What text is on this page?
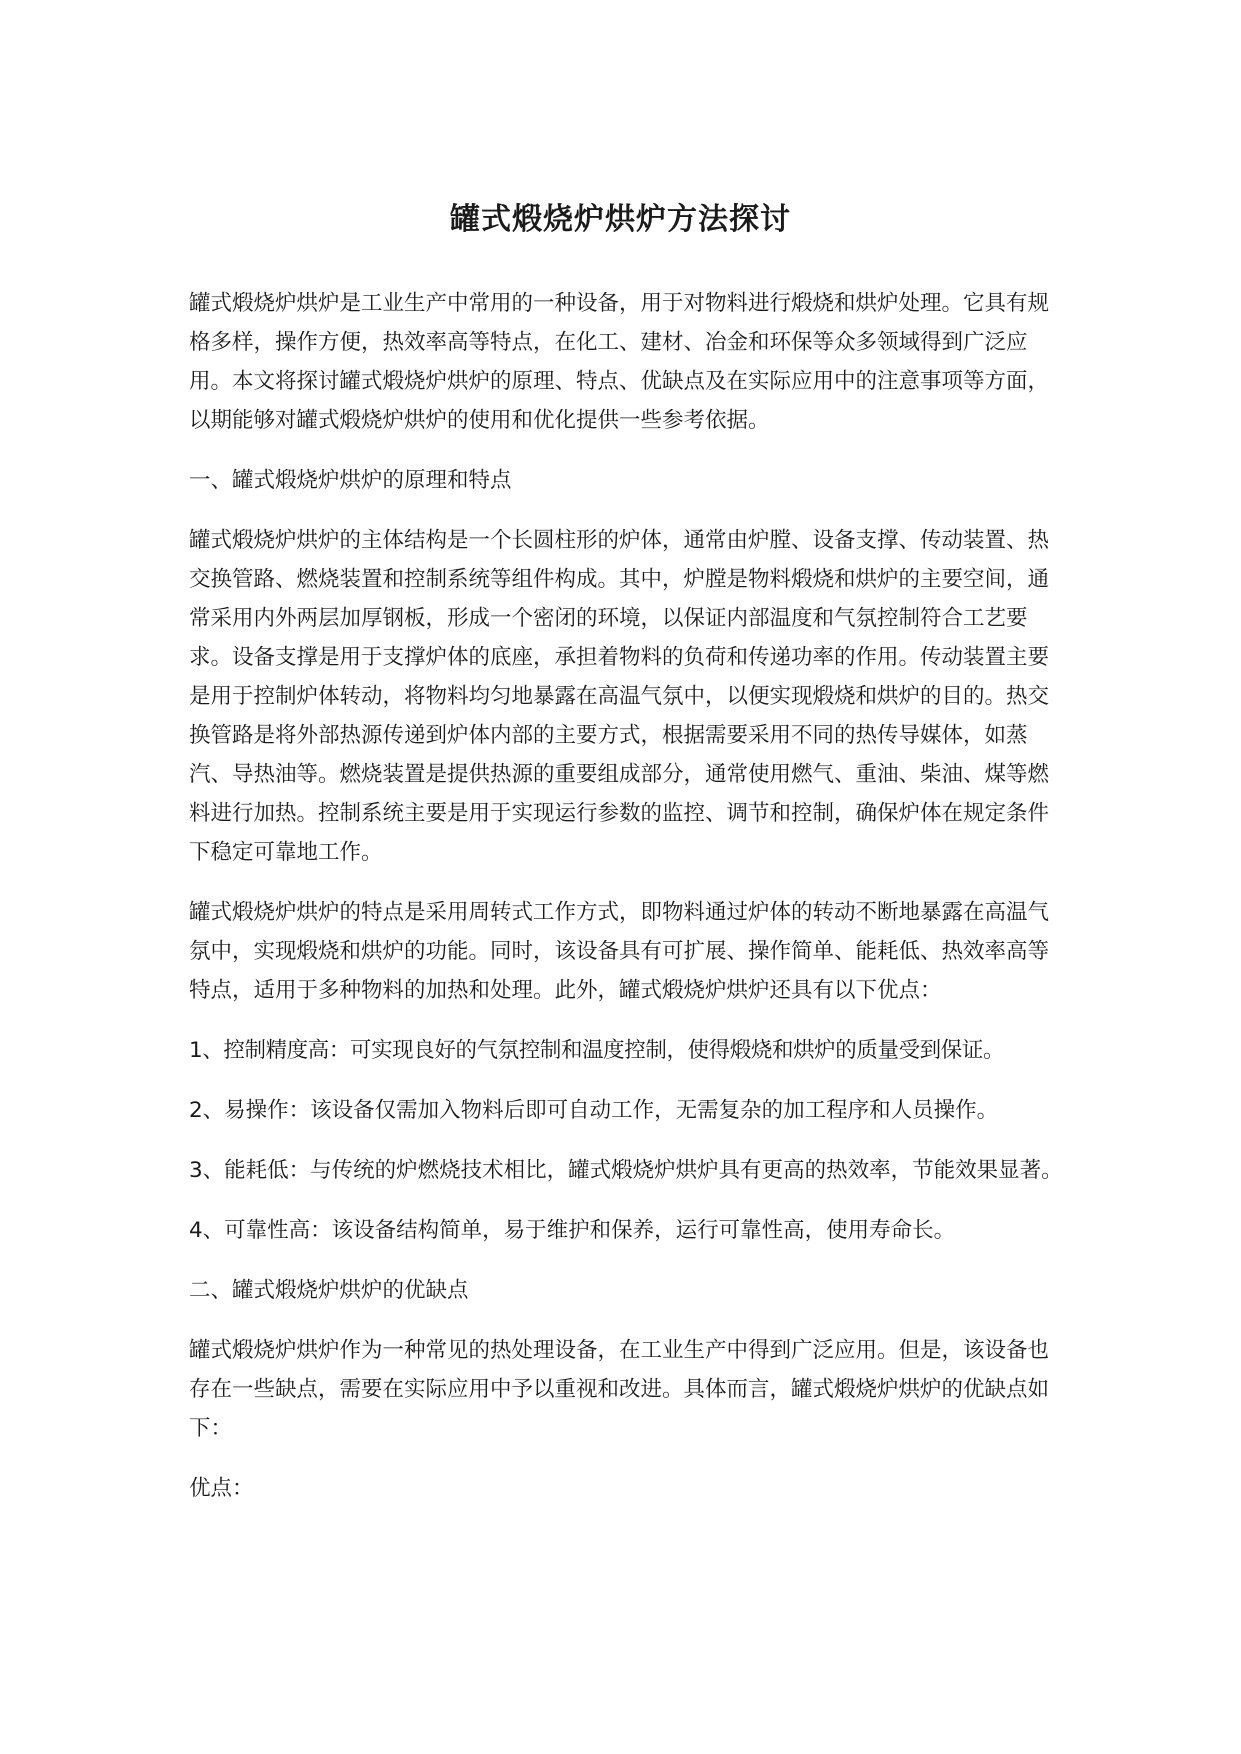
罐式煅烧炉烘炉方法探讨

罐式煅烧炉烘炉是工业生产中常用的一种设备，用于对物料进行煅烧和烘炉处理。它具有规格多样，操作方便，热效率高等特点，在化工、建材、冶金和环保等众多领域得到广泛应用。本文将探讨罐式煅烧炉烘炉的原理、特点、优缺点及在实际应用中的注意事项等方面，以期能够对罐式煅烧炉烘炉的使用和优化提供一些参考依据。

一、罐式煅烧炉烘炉的原理和特点

罐式煅烧炉烘炉的主体结构是一个长圆柱形的炉体，通常由炉膛、设备支撑、传动装置、热交换管路、燃烧装置和控制系统等组件构成。其中，炉膛是物料煅烧和烘炉的主要空间，通常采用内外两层加厚钢板，形成一个密闭的环境，以保证内部温度和气氛控制符合工艺要求。设备支撑是用于支撑炉体的底座，承担着物料的负荷和传递功率的作用。传动装置主要是用于控制炉体转动，将物料均匀地暴露在高温气氛中，以便实现煅烧和烘炉的目的。热交换管路是将外部热源传递到炉体内部的主要方式，根据需要采用不同的热传导媒体，如蒸汽、导热油等。燃烧装置是提供热源的重要组成部分，通常使用燃气、重油、柴油、煤等燃料进行加热。控制系统主要是用于实现运行参数的监控、调节和控制，确保炉体在规定条件下稳定可靠地工作。

罐式煅烧炉烘炉的特点是采用周转式工作方式，即物料通过炉体的转动不断地暴露在高温气氛中，实现煅烧和烘炉的功能。同时，该设备具有可扩展、操作简单、能耗低、热效率高等特点，适用于多种物料的加热和处理。此外，罐式煅烧炉烘炉还具有以下优点：

1、控制精度高：可实现良好的气氛控制和温度控制，使得煅烧和烘炉的质量受到保证。

2、易操作：该设备仅需加入物料后即可自动工作，无需复杂的加工程序和人员操作。

3、能耗低：与传统的炉燃烧技术相比，罐式煅烧炉烘炉具有更高的热效率，节能效果显著。

4、可靠性高：该设备结构简单，易于维护和保养，运行可靠性高，使用寿命长。

二、罐式煅烧炉烘炉的优缺点

罐式煅烧炉烘炉作为一种常见的热处理设备，在工业生产中得到广泛应用。但是，该设备也存在一些缺点，需要在实际应用中予以重视和改进。具体而言，罐式煅烧炉烘炉的优缺点如下：

优点：
